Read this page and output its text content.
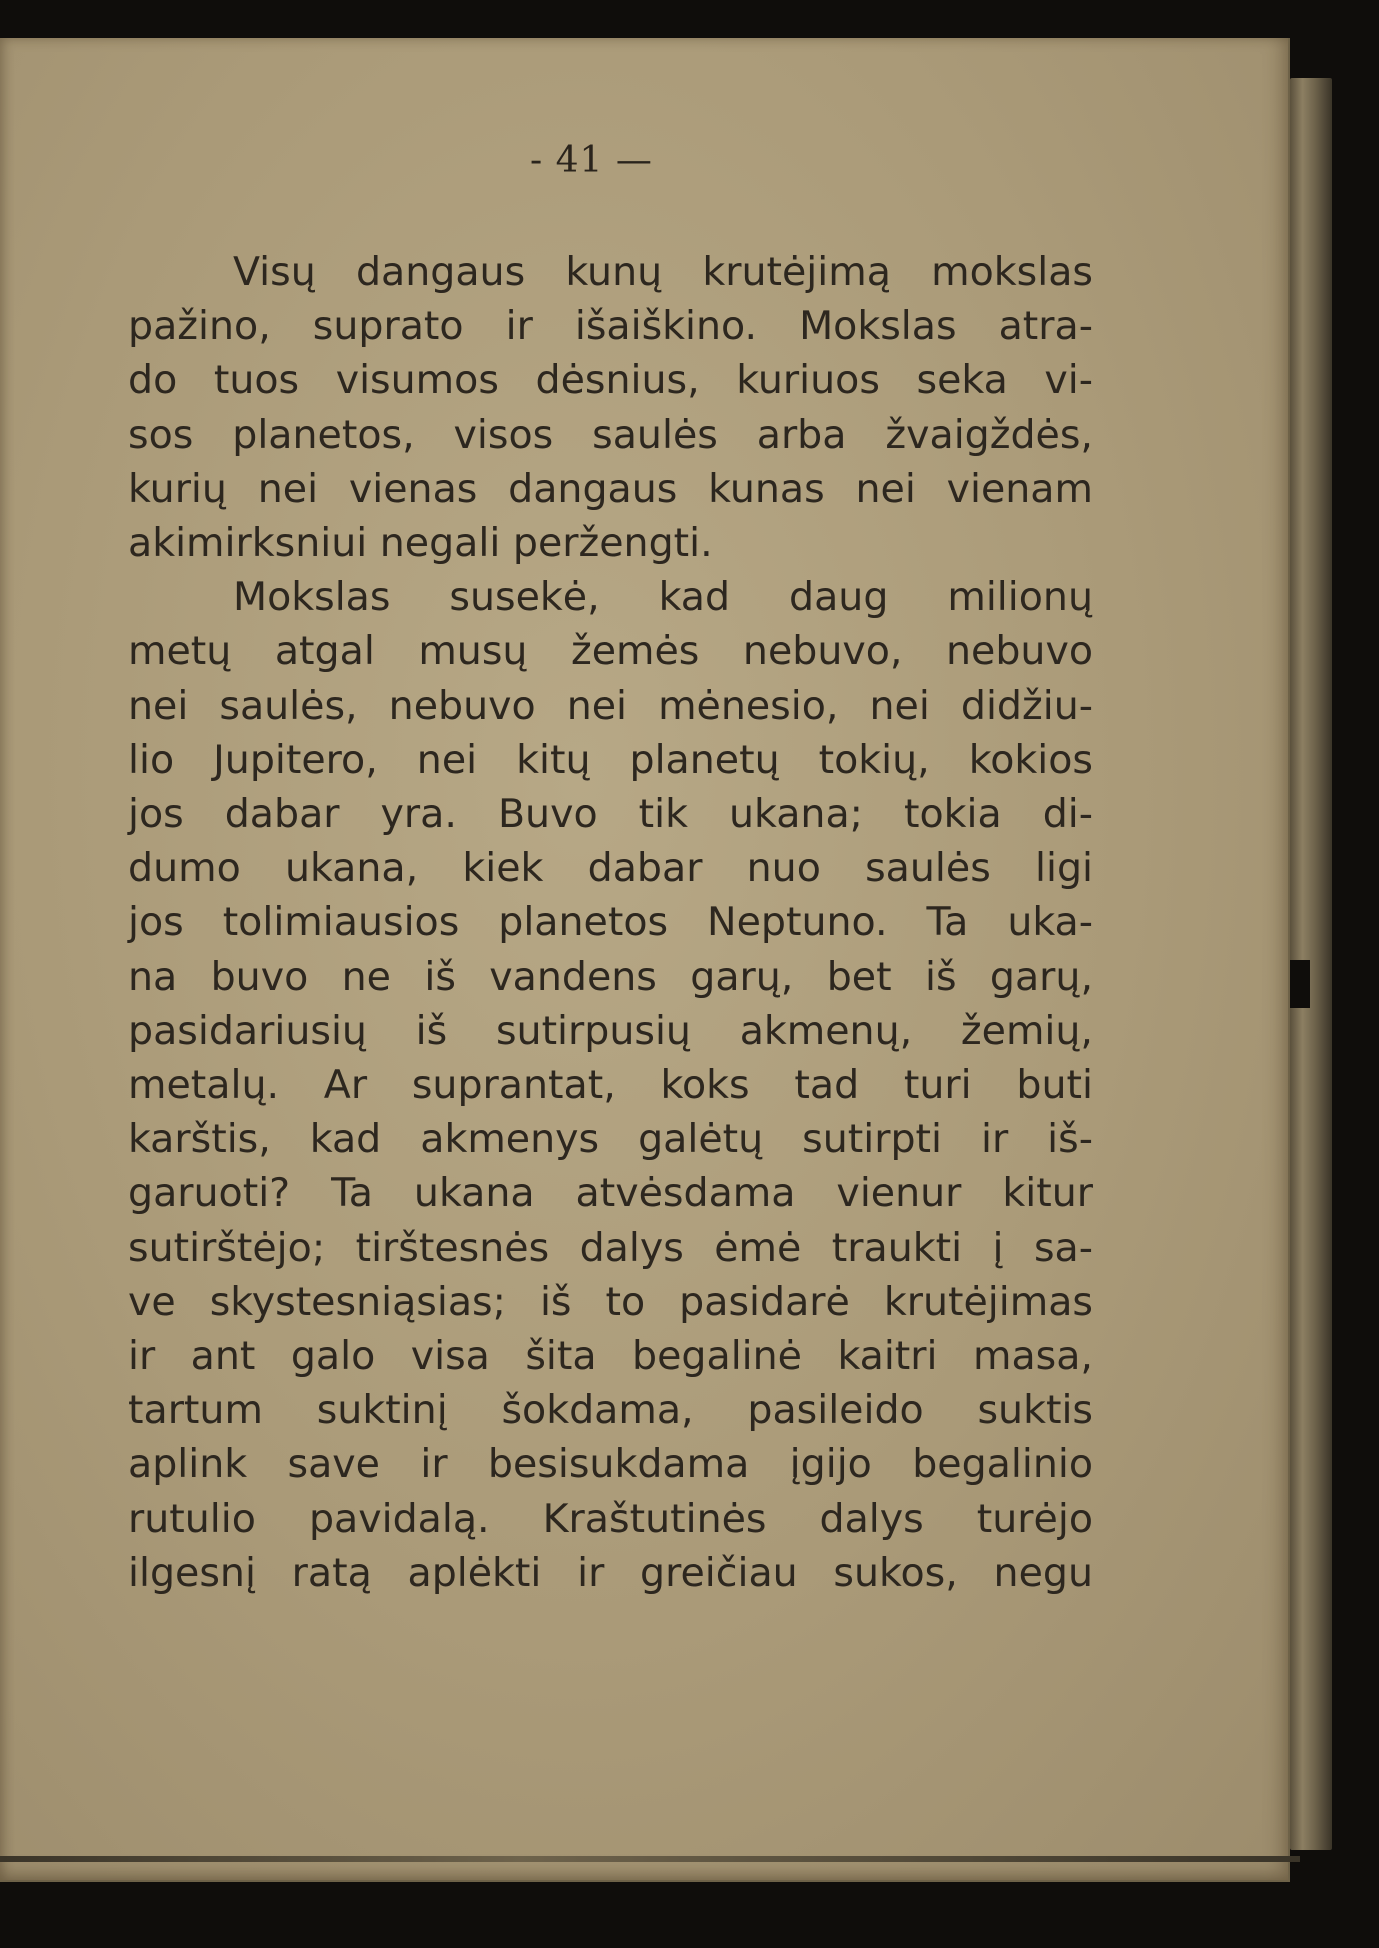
- 41 —
Visų dangaus kunų krutėjimą mokslas
pažino, suprato ir išaiškino. Mokslas atra-
do tuos visumos dėsnius, kuriuos seka vi-
sos planetos, visos saulės arba žvaigždės,
kurių nei vienas dangaus kunas nei vienam
akimirksniui negali peržengti.
Mokslas susekė, kad daug milionų
metų atgal musų žemės nebuvo, nebuvo
nei saulės, nebuvo nei mėnesio, nei didžiu-
lio Jupitero, nei kitų planetų tokių, kokios
jos dabar yra. Buvo tik ukana; tokia di-
dumo ukana, kiek dabar nuo saulės ligi
jos tolimiausios planetos Neptuno. Ta uka-
na buvo ne iš vandens garų, bet iš garų,
pasidariusių iš sutirpusių akmenų, žemių,
metalų. Ar suprantat, koks tad turi buti
karštis, kad akmenys galėtų sutirpti ir iš-
garuoti? Ta ukana atvėsdama vienur kitur
sutirštėjo; tirštesnės dalys ėmė traukti į sa-
ve skystesniąsias; iš to pasidarė krutėjimas
ir ant galo visa šita begalinė kaitri masa,
tartum suktinį šokdama, pasileido suktis
aplink save ir besisukdama įgijo begalinio
rutulio pavidalą. Kraštutinės dalys turėjo
ilgesnį ratą aplėkti ir greičiau sukos, negu
